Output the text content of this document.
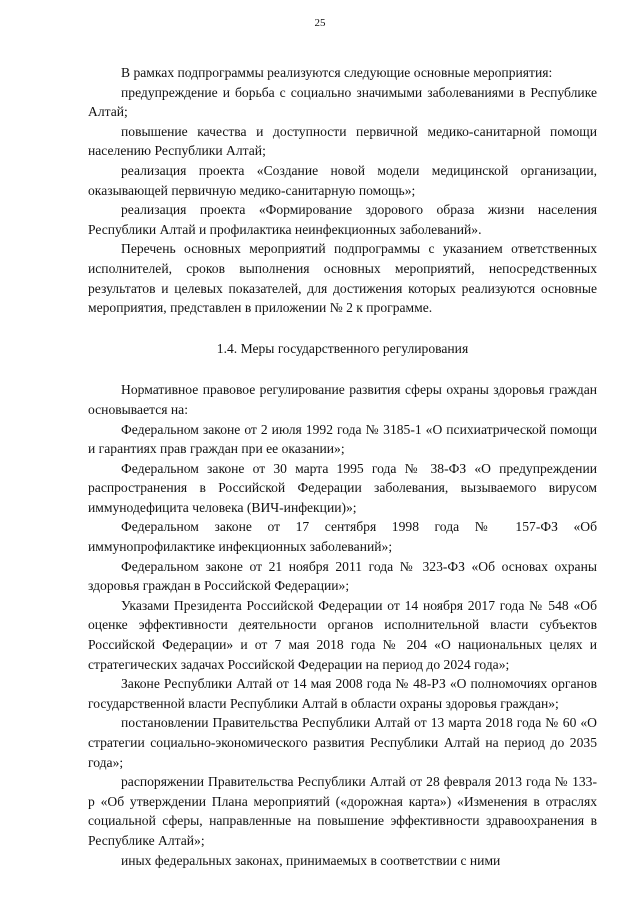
25

В рамках подпрограммы реализуются следующие основные мероприятия:

предупреждение и борьба с социально значимыми заболеваниями в Республике Алтай;

повышение качества и доступности первичной медико-санитарной помощи населению Республики Алтай;

реализация проекта «Создание новой модели медицинской организации, оказывающей первичную медико-санитарную помощь»;

реализация проекта «Формирование здорового образа жизни населения Республики Алтай и профилактика неинфекционных заболеваний».

Перечень основных мероприятий подпрограммы с указанием ответственных исполнителей, сроков выполнения основных мероприятий, непосредственных результатов и целевых показателей, для достижения которых реализуются основные мероприятия, представлен в приложении № 2 к программе.

1.4. Меры государственного регулирования

Нормативное правовое регулирование развития сферы охраны здоровья граждан основывается на:

Федеральном законе от 2 июля 1992 года № 3185-1 «О психиатрической помощи и гарантиях прав граждан при ее оказании»;

Федеральном законе от 30 марта 1995 года № 38-ФЗ «О предупреждении распространения в Российской Федерации заболевания, вызываемого вирусом иммунодефицита человека (ВИЧ-инфекции)»;

Федеральном законе от 17 сентября 1998 года № 157-ФЗ «Об иммунопрофилактике инфекционных заболеваний»;

Федеральном законе от 21 ноября 2011 года № 323-ФЗ «Об основах охраны здоровья граждан в Российской Федерации»;

Указами Президента Российской Федерации от 14 ноября 2017 года № 548 «Об оценке эффективности деятельности органов исполнительной власти субъектов Российской Федерации» и от 7 мая 2018 года № 204 «О национальных целях и стратегических задачах Российской Федерации на период до 2024 года»;

Законе Республики Алтай от 14 мая 2008 года № 48-РЗ «О полномочиях органов государственной власти Республики Алтай в области охраны здоровья граждан»;

постановлении Правительства Республики Алтай от 13 марта 2018 года № 60 «О стратегии социально-экономического развития Республики Алтай на период до 2035 года»;

распоряжении Правительства Республики Алтай от 28 февраля 2013 года № 133-р «Об утверждении Плана мероприятий («дорожная карта») «Изменения в отраслях социальной сферы, направленные на повышение эффективности здравоохранения в Республике Алтай»;

иных федеральных законах, принимаемых в соответствии с ними
